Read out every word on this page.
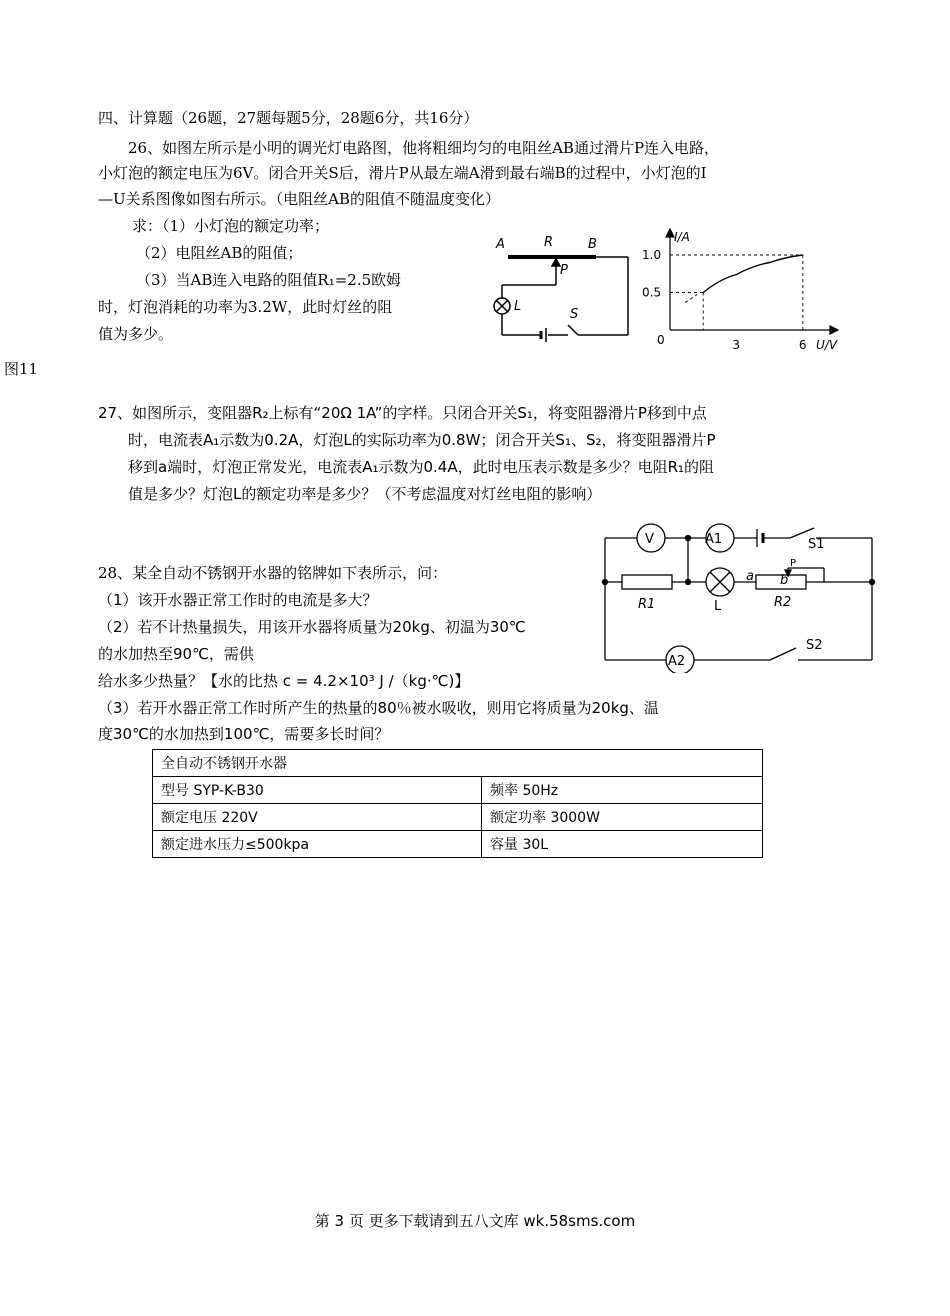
四、计算题（26题，27题每题5分，28题6分，共16分）
26、如图左所示是小明的调光灯电路图，他将粗细均匀的电阻丝AB通过滑片P连入电路，
小灯泡的额定电压为6V。闭合开关S后，滑片P从最左端A滑到最右端B的过程中，小灯泡的I
—U关系图像如图右所示。（电阻丝AB的阻值不随温度变化）
求：（1）小灯泡的额定功率；
（2）电阻丝AB的阻值；
（3）当AB连入电路的阻值R₁=2.5欧姆
时，灯泡消耗的功率为3.2W，此时灯丝的阻
值为多少。
图11
A	R	B
P
L
S
I/A
U/V
0
1.0
0.5
3	6
27、如图所示，变阻器R₂上标有“20Ω 1A”的字样。只闭合开关S₁，将变阻器滑片P移到中点
时，电流表A₁示数为0.2A，灯泡L的实际功率为0.8W；闭合开关S₁、S₂，将变阻器滑片P
移到a端时，灯泡正常发光，电流表A₁示数为0.4A，此时电压表示数是多少？电阻R₁的阻
值是多少？灯泡L的额定功率是多少？（不考虑温度对灯丝电阻的影响）
V	A1	S1
P
a b
R1	L	R2
A2
S2
28、某全自动不锈钢开水器的铭牌如下表所示，问：
（1）该开水器正常工作时的电流是多大？
（2）若不计热量损失，用该开水器将质量为20kg、初温为30℃
的水加热至90℃，需供
给水多少热量？【水的比热 c = 4.2×10³ J /（kg·℃)】
（3）若开水器正常工作时所产生的热量的80％被水吸收，则用它将质量为20kg、温
度30℃的水加热到100℃，需要多长时间？
全自动不锈钢开水器	
型号 SYP-K-B30	频率 50Hz
额定电压 220V	额定功率 3000W
额定进水压力≤500kpa	容量 30L
第 3 页 更多下载请到五八文库 wk.58sms.com
